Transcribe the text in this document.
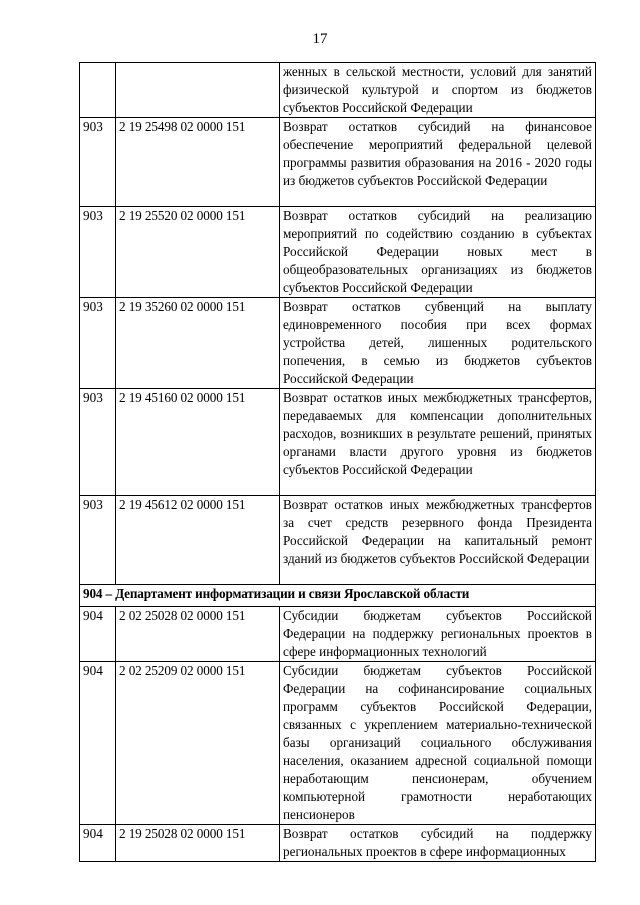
17
		женных в сельской местности, условий для занятий физической культурой и спортом из бюджетов субъектов Российской Федерации
903	2 19 25498 02 0000 151	Возврат остатков субсидий на финансовое обеспечение мероприятий федеральной целевой программы развития образования на 2016 - 2020 годы из бюджетов субъектов Российской Федерации
903	2 19 25520 02 0000 151	Возврат остатков субсидий на реализацию мероприятий по содействию созданию в субъектах Российской Федерации новых мест в общеобразовательных организациях из бюджетов субъектов Российской Федерации
903	2 19 35260 02 0000 151	Возврат остатков субвенций на выплату единовременного пособия при всех формах устройства детей, лишенных родительского попечения, в семью из бюджетов субъектов Российской Федерации
903	2 19 45160 02 0000 151	Возврат остатков иных межбюджетных трансфертов, передаваемых для компенсации дополнительных расходов, возникших в результате решений, принятых органами власти другого уровня из бюджетов субъектов Российской Федерации
903	2 19 45612 02 0000 151	Возврат остатков иных межбюджетных трансфертов за счет средств резервного фонда Президента Российской Федерации на капитальный ремонт зданий из бюджетов субъектов Российской Федерации
904 – Департамент информатизации и связи Ярославской области		
904	2 02 25028 02 0000 151	Субсидии бюджетам субъектов Российской Федерации на поддержку региональных проектов в сфере информационных технологий
904	2 02 25209 02 0000 151	Субсидии бюджетам субъектов Российской Федерации на софинансирование социальных программ субъектов Российской Федерации, связанных с укреплением материально-технической базы организаций социального обслуживания населения, оказанием адресной социальной помощи неработающим пенсионерам, обучением компьютерной грамотности неработающих пенсионеров
904	2 19 25028 02 0000 151	Возврат остатков субсидий на поддержку региональных проектов в сфере информационных
